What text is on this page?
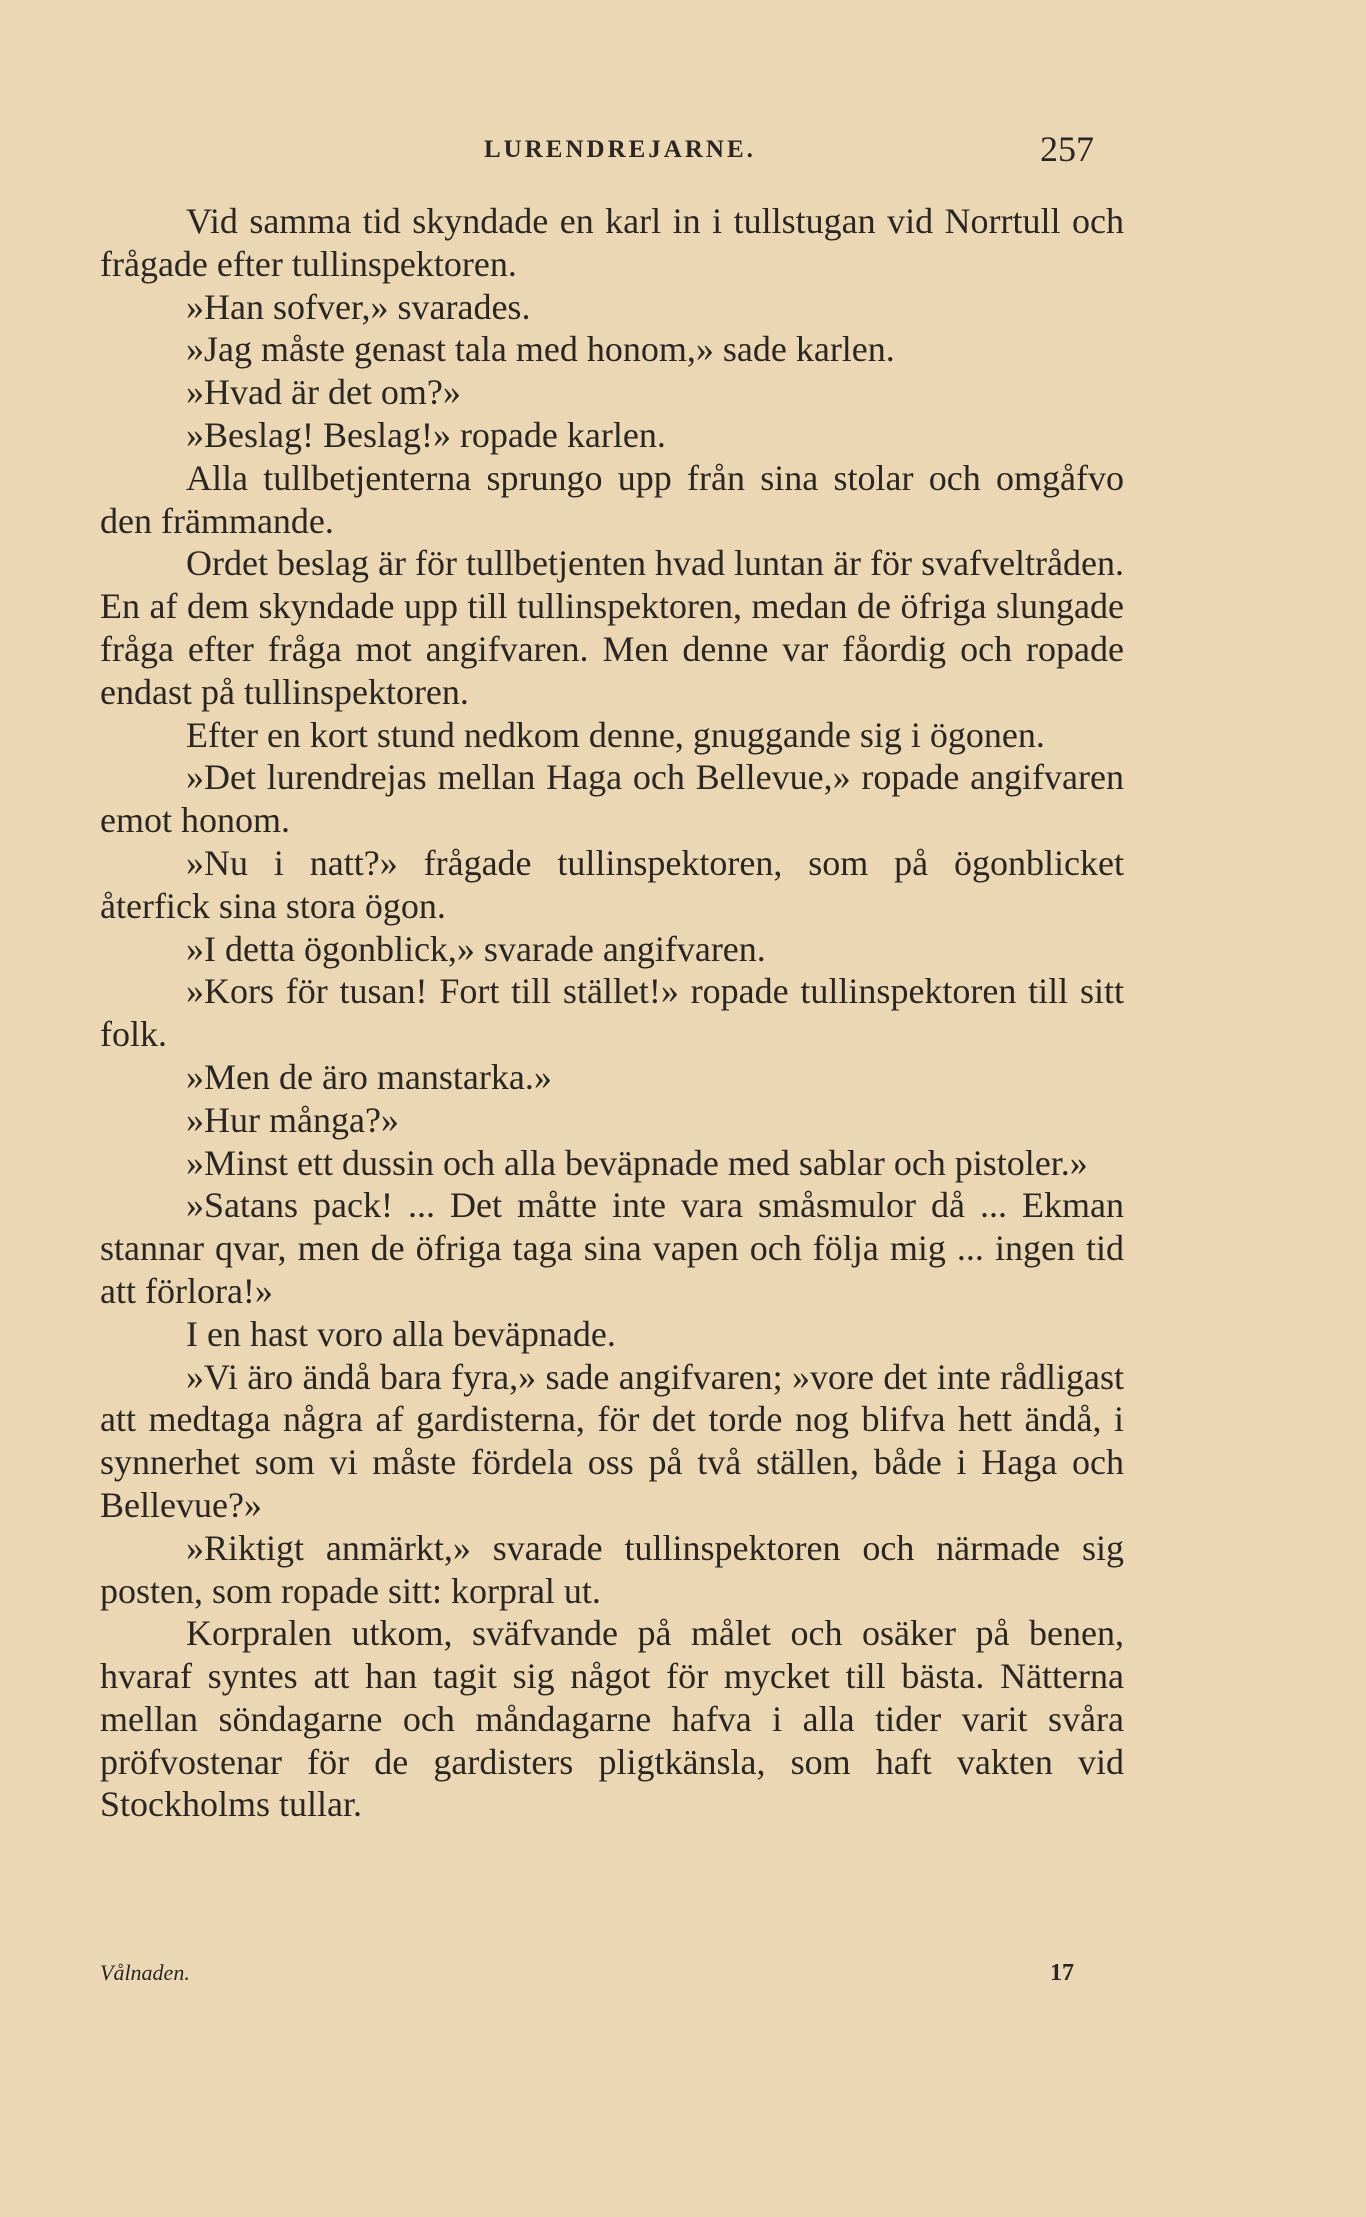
LURENDREJARNE.	257

Vid samma tid skyndade en karl in i tullstugan vid Norrtull och frågade efter tullinspektoren.

»Han sofver,» svarades.

»Jag måste genast tala med honom,» sade karlen.

»Hvad är det om?»

»Beslag! Beslag!» ropade karlen.

Alla tullbetjenterna sprungo upp från sina stolar och omgåfvo den främmande.

Ordet beslag är för tullbetjenten hvad luntan är för svafveltråden. En af dem skyndade upp till tullinspektoren, medan de öfriga slungade fråga efter fråga mot angifvaren. Men denne var fåordig och ropade endast på tullinspektoren.

Efter en kort stund nedkom denne, gnuggande sig i ögonen.

»Det lurendrejas mellan Haga och Bellevue,» ropade angifvaren emot honom.

»Nu i natt?» frågade tullinspektoren, som på ögonblicket återfick sina stora ögon.

»I detta ögonblick,» svarade angifvaren.

»Kors för tusan! Fort till stället!» ropade tullinspektoren till sitt folk.

»Men de äro manstarka.»

»Hur många?»

»Minst ett dussin och alla beväpnade med sablar och pistoler.»

»Satans pack! ... Det måtte inte vara småsmulor då ... Ekman stannar qvar, men de öfriga taga sina vapen och följa mig ... ingen tid att förlora!»

I en hast voro alla beväpnade.

»Vi äro ändå bara fyra,» sade angifvaren; »vore det inte rådligast att medtaga några af gardisterna, för det torde nog blifva hett ändå, i synnerhet som vi måste fördela oss på två ställen, både i Haga och Bellevue?»

»Riktigt anmärkt,» svarade tullinspektoren och närmade sig posten, som ropade sitt: korpral ut.

Korpralen utkom, sväfvande på målet och osäker på benen, hvaraf syntes att han tagit sig något för mycket till bästa. Nätterna mellan söndagarne och måndagarne hafva i alla tider varit svåra pröfvostenar för de gardisters pligtkänsla, som haft vakten vid Stockholms tullar.

Vålnaden.	17
